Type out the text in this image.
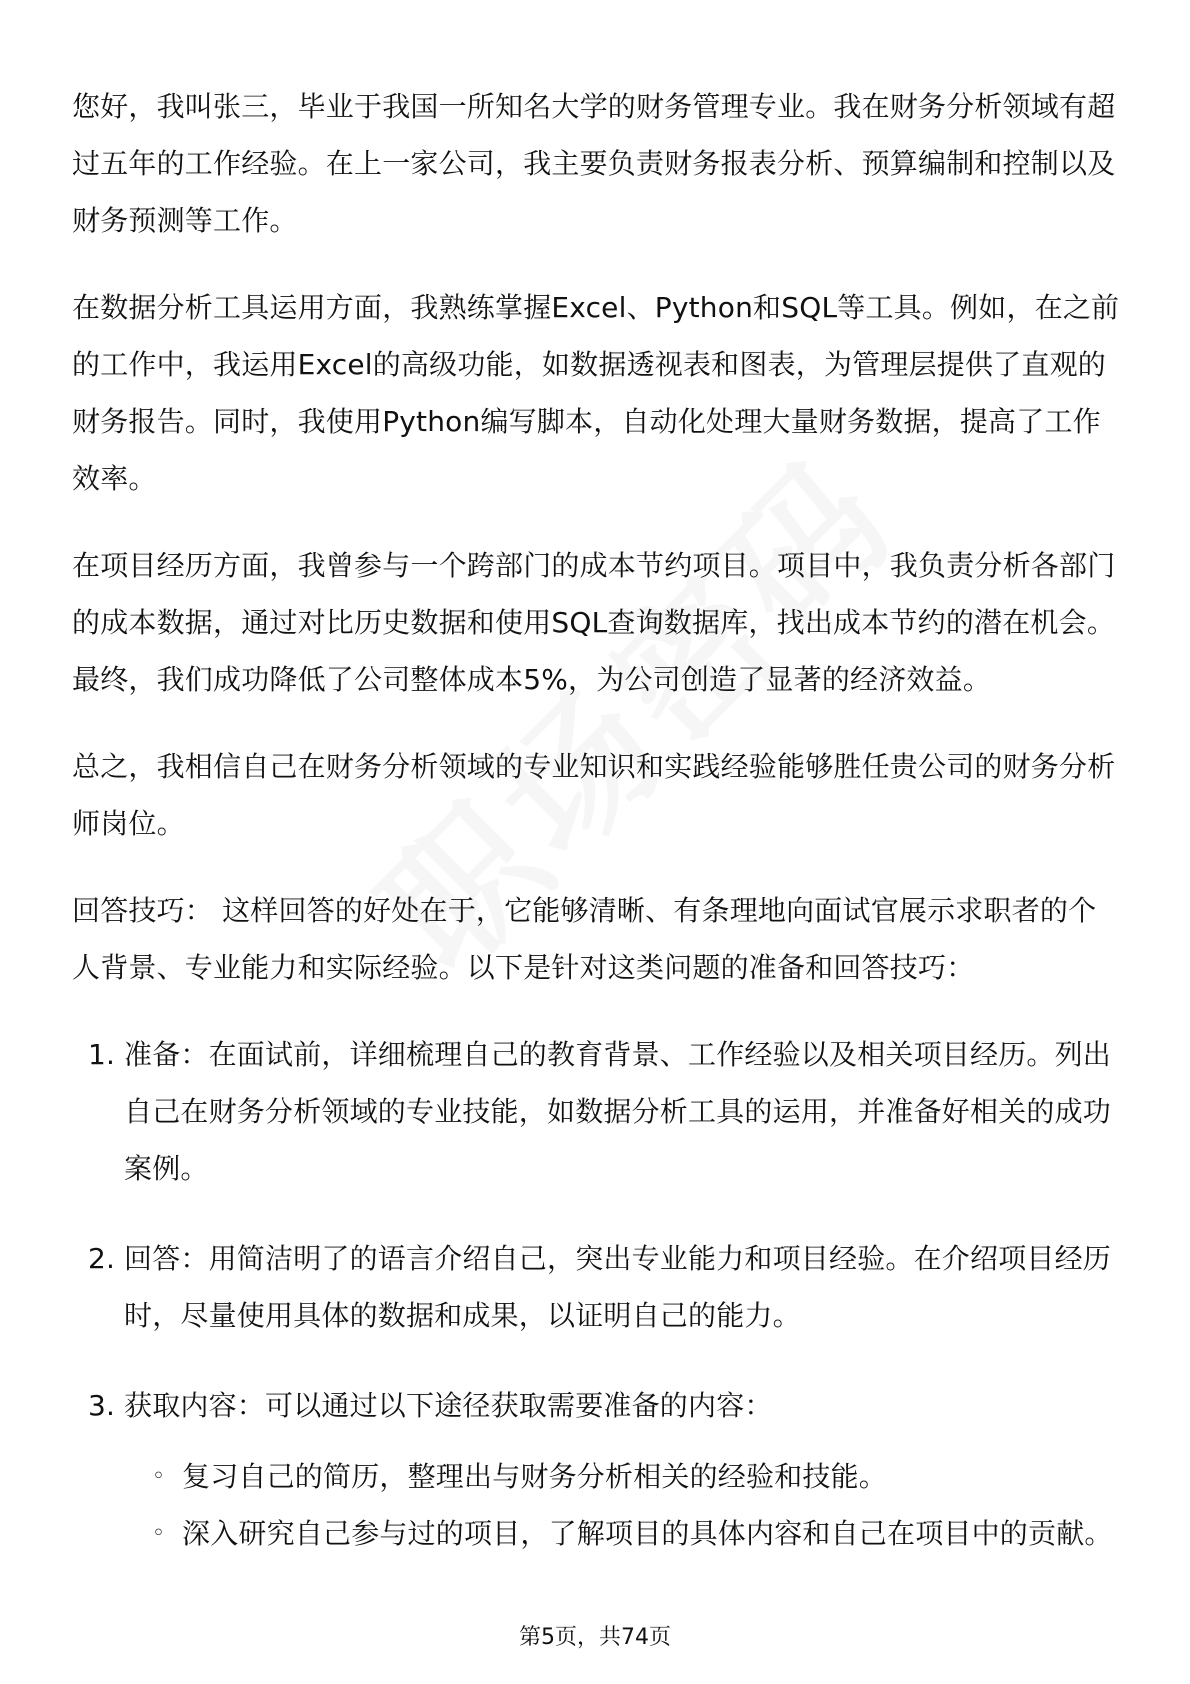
您好，我叫张三，毕业于我国一所知名大学的财务管理专业。我在财务分析领域有超过五年的工作经验。在上一家公司，我主要负责财务报表分析、预算编制和控制以及财务预测等工作。

在数据分析工具运用方面，我熟练掌握Excel、Python和SQL等工具。例如，在之前的工作中，我运用Excel的高级功能，如数据透视表和图表，为管理层提供了直观的财务报告。同时，我使用Python编写脚本，自动化处理大量财务数据，提高了工作效率。

在项目经历方面，我曾参与一个跨部门的成本节约项目。项目中，我负责分析各部门的成本数据，通过对比历史数据和使用SQL查询数据库，找出成本节约的潜在机会。最终，我们成功降低了公司整体成本5%，为公司创造了显著的经济效益。

总之，我相信自己在财务分析领域的专业知识和实践经验能够胜任贵公司的财务分析师岗位。

回答技巧： 这样回答的好处在于，它能够清晰、有条理地向面试官展示求职者的个人背景、专业能力和实际经验。以下是针对这类问题的准备和回答技巧：

1. 准备：在面试前，详细梳理自己的教育背景、工作经验以及相关项目经历。列出自己在财务分析领域的专业技能，如数据分析工具的运用，并准备好相关的成功案例。
2. 回答：用简洁明了的语言介绍自己，突出专业能力和项目经验。在介绍项目经历时，尽量使用具体的数据和成果，以证明自己的能力。
3. 获取内容：可以通过以下途径获取需要准备的内容：
◦ 复习自己的简历，整理出与财务分析相关的经验和技能。
◦ 深入研究自己参与过的项目，了解项目的具体内容和自己在项目中的贡献。
第5页，共74页
